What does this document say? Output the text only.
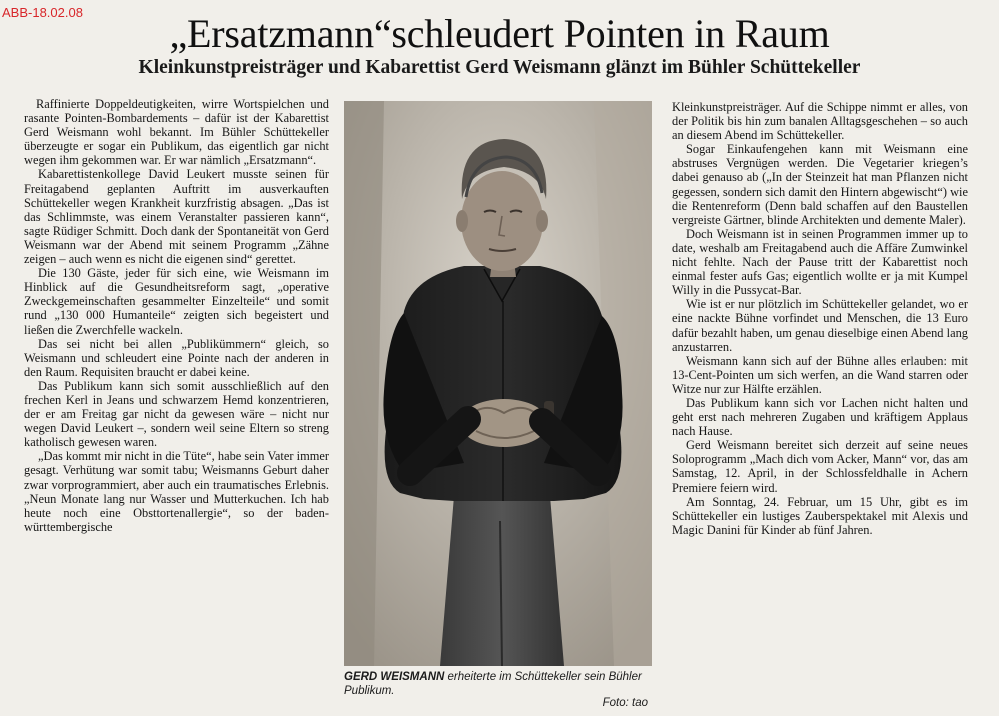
ABB-18.02.08	„Ersatzmann“schleudert Pointen in Raum
Kleinkunstpreisträger und Kabarettist Gerd Weismann glänzt im Bühler Schüttekeller

Raffinierte Doppeldeutigkeiten, wirre Wortspielchen und rasante Pointen-Bombardements – dafür ist der Kabarettist Gerd Weismann wohl bekannt. Im Bühler Schüttekeller überzeugte er sogar ein Publikum, das eigentlich gar nicht wegen ihm gekommen war. Er war nämlich „Ersatzmann“.

Kabarettistenkollege David Leukert musste seinen für Freitagabend geplanten Auftritt im ausverkauften Schüttekeller wegen Krankheit kurzfristig absagen. „Das ist das Schlimmste, was einem Veranstalter passieren kann“, sagte Rüdiger Schmitt. Doch dank der Spontaneität von Gerd Weismann war der Abend mit seinem Programm „Zähne zeigen – auch wenn es nicht die eigenen sind“ gerettet.

Die 130 Gäste, jeder für sich eine, wie Weismann im Hinblick auf die Gesundheitsreform sagt, „operative Zweckgemeinschaften gesammelter Einzelteile“ und somit rund „130 000 Humanteile“ zeigten sich begeistert und ließen die Zwerchfelle wackeln.

Das sei nicht bei allen „Publikümmern“ gleich, so Weismann und schleudert eine Pointe nach der anderen in den Raum. Requisiten braucht er dabei keine.

Das Publikum kann sich somit ausschließlich auf den frechen Kerl in Jeans und schwarzem Hemd konzentrieren, der er am Freitag gar nicht da gewesen wäre – nicht nur wegen David Leukert –, sondern weil seine Eltern so streng katholisch gewesen waren.

„Das kommt mir nicht in die Tüte“, habe sein Vater immer gesagt. Verhütung war somit tabu; Weismanns Geburt daher zwar vorprogrammiert, aber auch ein traumatisches Erlebnis. „Neun Monate lang nur Wasser und Mutterkuchen. Ich hab heute noch eine Obsttortenallergie“, so der baden-württembergische

GERD WEISMANN erheiterte im Schüttekeller sein Bühler Publikum.
Foto: tao

Kleinkunstpreisträger. Auf die Schippe nimmt er alles, von der Politik bis hin zum banalen Alltagsgeschehen – so auch an diesem Abend im Schüttekeller.

Sogar Einkaufengehen kann mit Weismann eine abstruses Vergnügen werden. Die Vegetarier kriegen’s dabei genauso ab („In der Steinzeit hat man Pflanzen nicht gegessen, sondern sich damit den Hintern abgewischt“) wie die Rentenreform (Denn bald schaffen auf den Baustellen vergreiste Gärtner, blinde Architekten und demente Maler).

Doch Weismann ist in seinen Programmen immer up to date, weshalb am Freitagabend auch die Affäre Zumwinkel nicht fehlte. Nach der Pause tritt der Kabarettist noch einmal fester aufs Gas; eigentlich wollte er ja mit Kumpel Willy in die Pussycat-Bar.

Wie ist er nur plötzlich im Schüttekeller gelandet, wo er eine nackte Bühne vorfindet und Menschen, die 13 Euro dafür bezahlt haben, um genau dieselbige einen Abend lang anzustarren.

Weismann kann sich auf der Bühne alles erlauben: mit 13-Cent-Pointen um sich werfen, an die Wand starren oder Witze nur zur Hälfte erzählen.

Das Publikum kann sich vor Lachen nicht halten und geht erst nach mehreren Zugaben und kräftigem Applaus nach Hause.

Gerd Weismann bereitet sich derzeit auf seine neues Soloprogramm „Mach dich vom Acker, Mann“ vor, das am Samstag, 12. April, in der Schlossfeldhalle in Achern Premiere feiern wird.

Am Sonntag, 24. Februar, um 15 Uhr, gibt es im Schüttekeller ein lustiges Zauberspektakel mit Alexis und Magic Danini für Kinder ab fünf Jahren.
